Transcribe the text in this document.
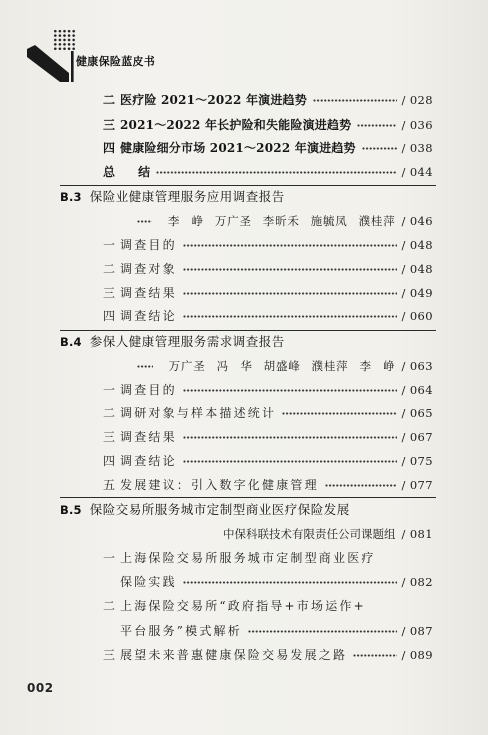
健康保险蓝皮书
二 医疗险 2021～2022 年演进趋势	/ 028
三 2021～2022 年长护险和失能险演进趋势	/ 036
四 健康险细分市场 2021～2022 年演进趋势	/ 038
总 结	/ 044
B.3 保险业健康管理服务应用调查报告
李 峥 万广圣 李昕禾 施毓凤 濮桂萍 / 046
一 调查目的	/ 048
二 调查对象	/ 048
三 调查结果	/ 049
四 调查结论	/ 060
B.4 参保人健康管理服务需求调查报告
万广圣 冯 华 胡盛峰 濮桂萍 李 峥 / 063
一 调查目的	/ 064
二 调研对象与样本描述统计	/ 065
三 调查结果	/ 067
四 调查结论	/ 075
五 发展建议：引入数字化健康管理	/ 077
B.5 保险交易所服务城市定制型商业医疗保险发展
中保科联技术有限责任公司课题组 / 081
一 上海保险交易所服务城市定制型商业医疗
保险实践	/ 082
二 上海保险交易所“政府指导+市场运作+
平台服务”模式解析	/ 087
三 展望未来普惠健康保险交易发展之路	/ 089
002
